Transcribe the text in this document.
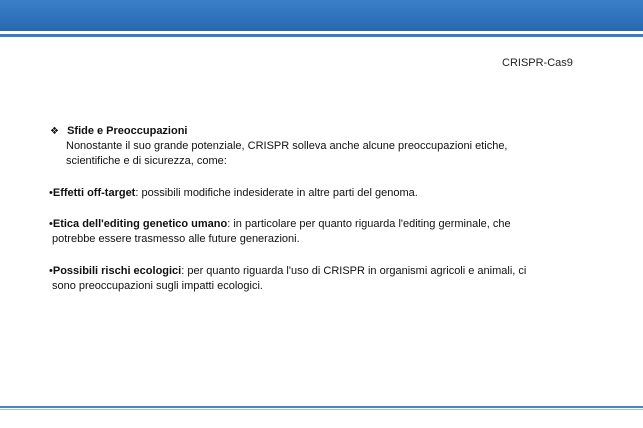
CRISPR-Cas9
❖ Sfide e Preoccupazioni
Nonostante il suo grande potenziale, CRISPR solleva anche alcune preoccupazioni etiche,
scientifiche e di sicurezza, come:
•Effetti off-target: possibili modifiche indesiderate in altre parti del genoma.
•Etica dell'editing genetico umano: in particolare per quanto riguarda l'editing germinale, che
potrebbe essere trasmesso alle future generazioni.
•Possibili rischi ecologici: per quanto riguarda l'uso di CRISPR in organismi agricoli e animali, ci
sono preoccupazioni sugli impatti ecologici.
